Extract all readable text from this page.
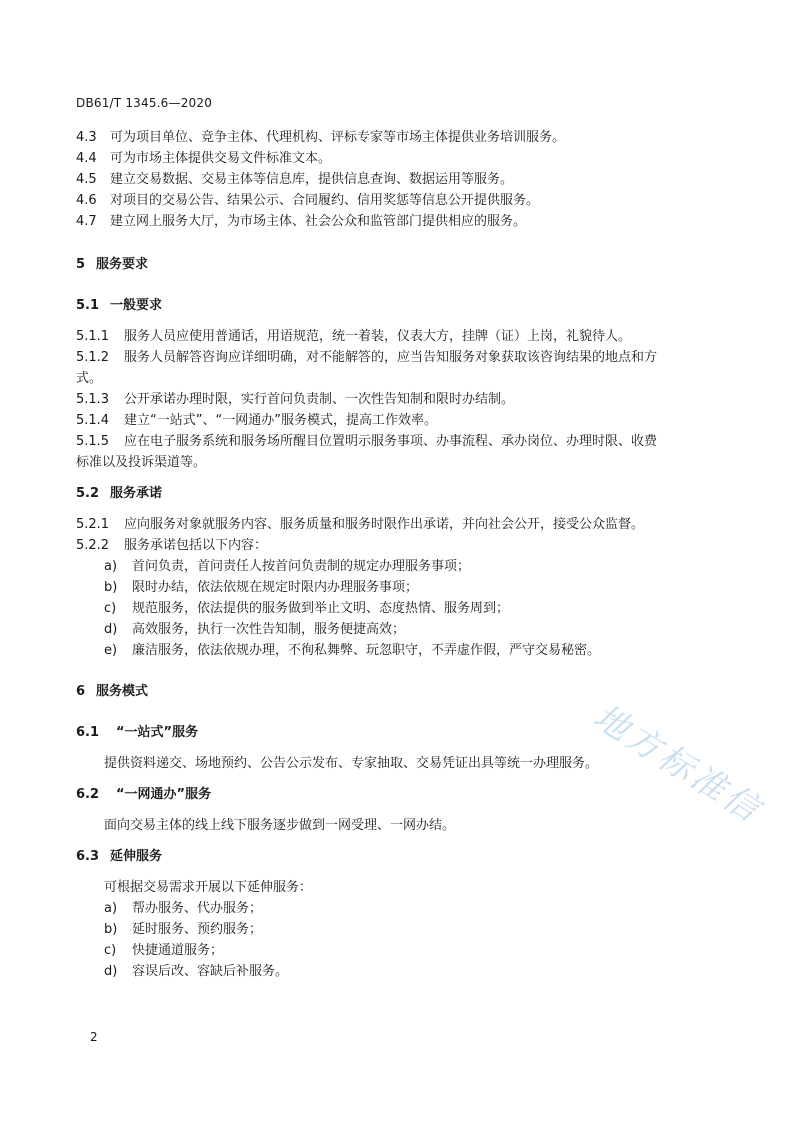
DB61/T 1345.6—2020
4.3 可为项目单位、竞争主体、代理机构、评标专家等市场主体提供业务培训服务。
4.4 可为市场主体提供交易文件标准文本。
4.5 建立交易数据、交易主体等信息库，提供信息查询、数据运用等服务。
4.6 对项目的交易公告、结果公示、合同履约、信用奖惩等信息公开提供服务。
4.7 建立网上服务大厅，为市场主体、社会公众和监管部门提供相应的服务。
5 服务要求
5.1 一般要求
5.1.1 服务人员应使用普通话，用语规范，统一着装，仪表大方，挂牌（证）上岗，礼貌待人。
5.1.2 服务人员解答咨询应详细明确，对不能解答的，应当告知服务对象获取该咨询结果的地点和方
式。
5.1.3 公开承诺办理时限，实行首问负责制、一次性告知制和限时办结制。
5.1.4 建立“一站式”、“一网通办”服务模式，提高工作效率。
5.1.5 应在电子服务系统和服务场所醒目位置明示服务事项、办事流程、承办岗位、办理时限、收费
标准以及投诉渠道等。
5.2 服务承诺
5.2.1 应向服务对象就服务内容、服务质量和服务时限作出承诺，并向社会公开，接受公众监督。
5.2.2 服务承诺包括以下内容：
a) 首问负责，首问责任人按首问负责制的规定办理服务事项；
b) 限时办结，依法依规在规定时限内办理服务事项；
c) 规范服务，依法提供的服务做到举止文明、态度热情、服务周到；
d) 高效服务，执行一次性告知制，服务便捷高效；
e) 廉洁服务，依法依规办理，不徇私舞弊、玩忽职守，不弄虚作假，严守交易秘密。
6 服务模式
6.1 “一站式”服务
提供资料递交、场地预约、公告公示发布、专家抽取、交易凭证出具等统一办理服务。
6.2 “一网通办”服务
面向交易主体的线上线下服务逐步做到一网受理、一网办结。
6.3 延伸服务
可根据交易需求开展以下延伸服务：
a) 帮办服务、代办服务；
b) 延时服务、预约服务；
c) 快捷通道服务；
d) 容误后改、容缺后补服务。
地方标准信
2
